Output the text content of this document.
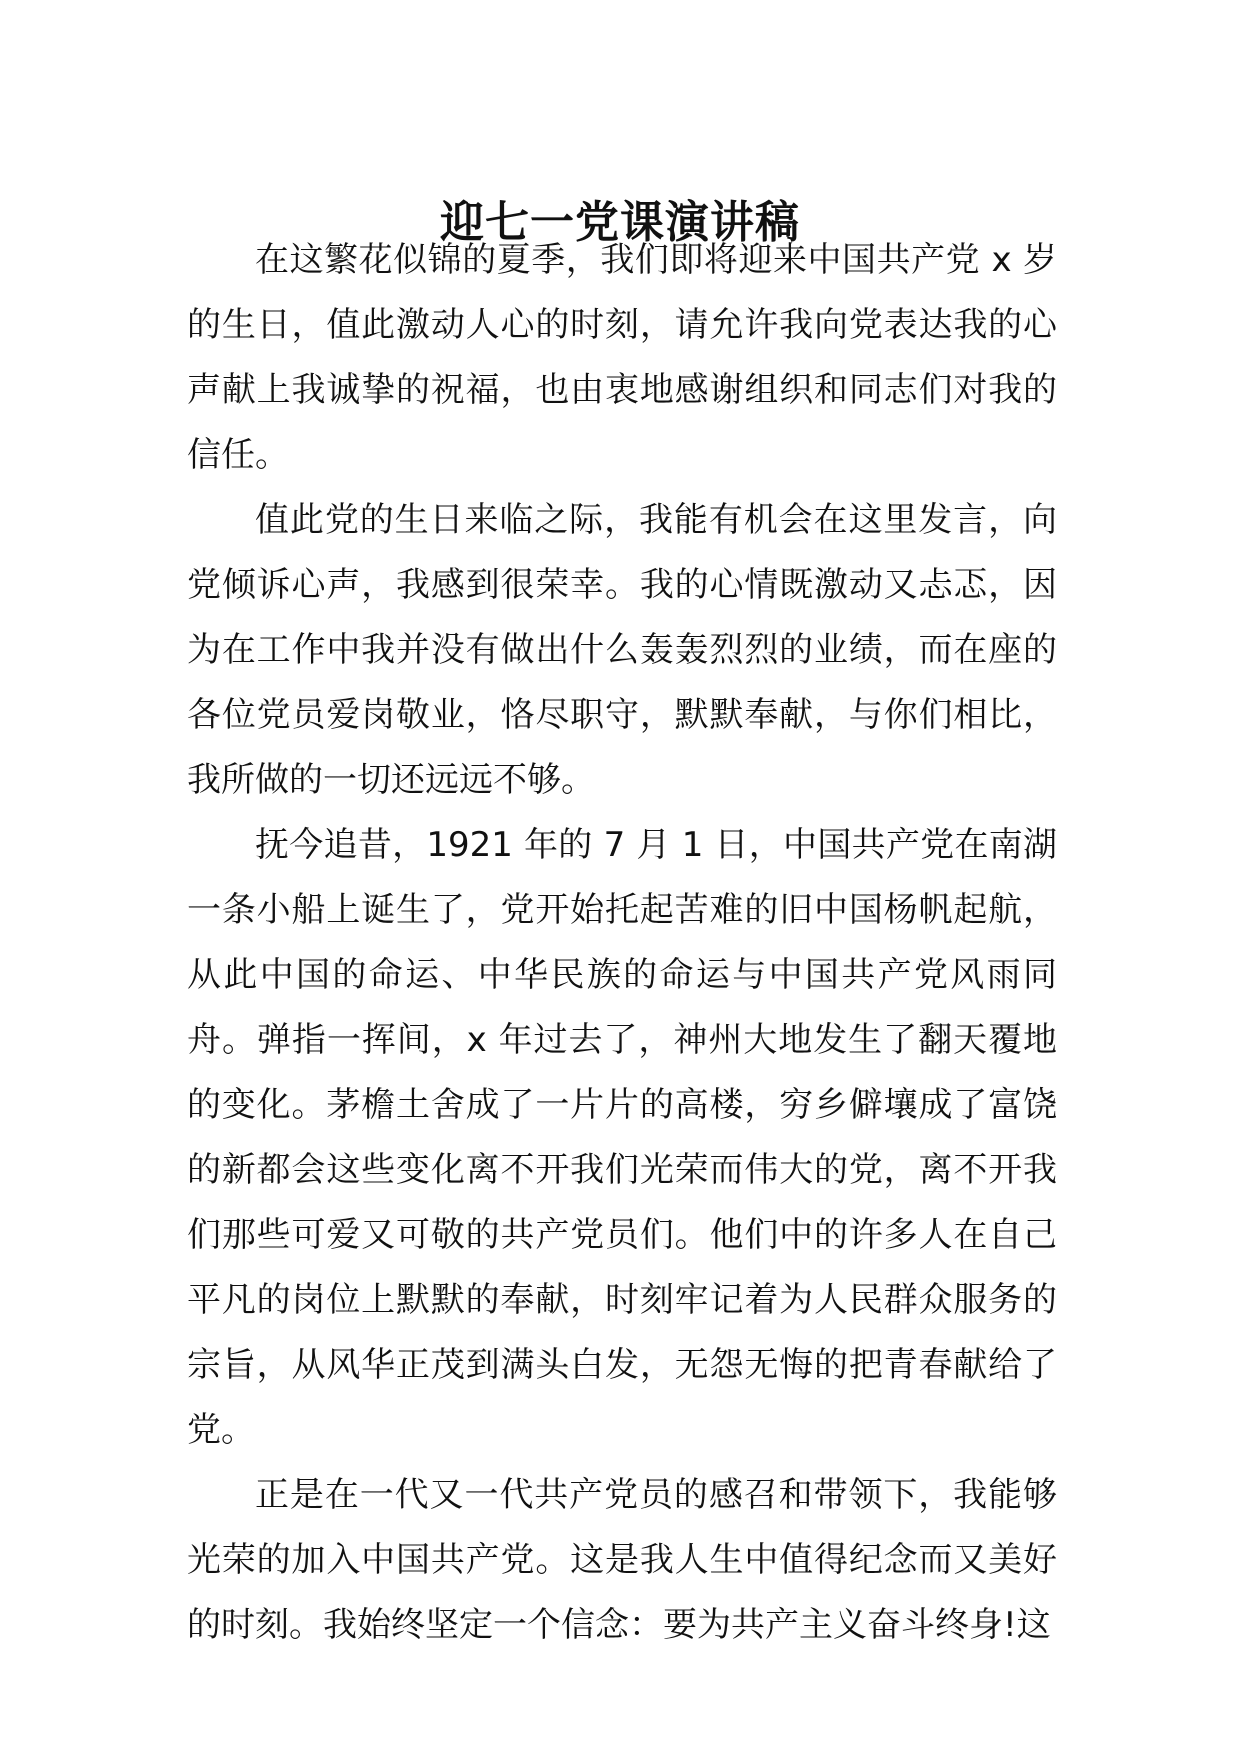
迎七一党课演讲稿

在这繁花似锦的夏季，我们即将迎来中国共产党 x 岁的生日，值此激动人心的时刻，请允许我向党表达我的心声献上我诚挚的祝福，也由衷地感谢组织和同志们对我的信任。

值此党的生日来临之际，我能有机会在这里发言，向党倾诉心声，我感到很荣幸。我的心情既激动又忐忑，因为在工作中我并没有做出什么轰轰烈烈的业绩，而在座的各位党员爱岗敬业，恪尽职守，默默奉献，与你们相比，我所做的一切还远远不够。

抚今追昔，1921 年的 7 月 1 日，中国共产党在南湖一条小船上诞生了，党开始托起苦难的旧中国杨帆起航，从此中国的命运、中华民族的命运与中国共产党风雨同舟。弹指一挥间，x 年过去了，神州大地发生了翻天覆地的变化。茅檐土舍成了一片片的高楼，穷乡僻壤成了富饶的新都会这些变化离不开我们光荣而伟大的党，离不开我们那些可爱又可敬的共产党员们。他们中的许多人在自己平凡的岗位上默默的奉献，时刻牢记着为人民群众服务的宗旨，从风华正茂到满头白发，无怨无悔的把青春献给了党。

正是在一代又一代共产党员的感召和带领下，我能够光荣的加入中国共产党。这是我人生中值得纪念而又美好的时刻。我始终坚定一个信念：要为共产主义奋斗终身!这
